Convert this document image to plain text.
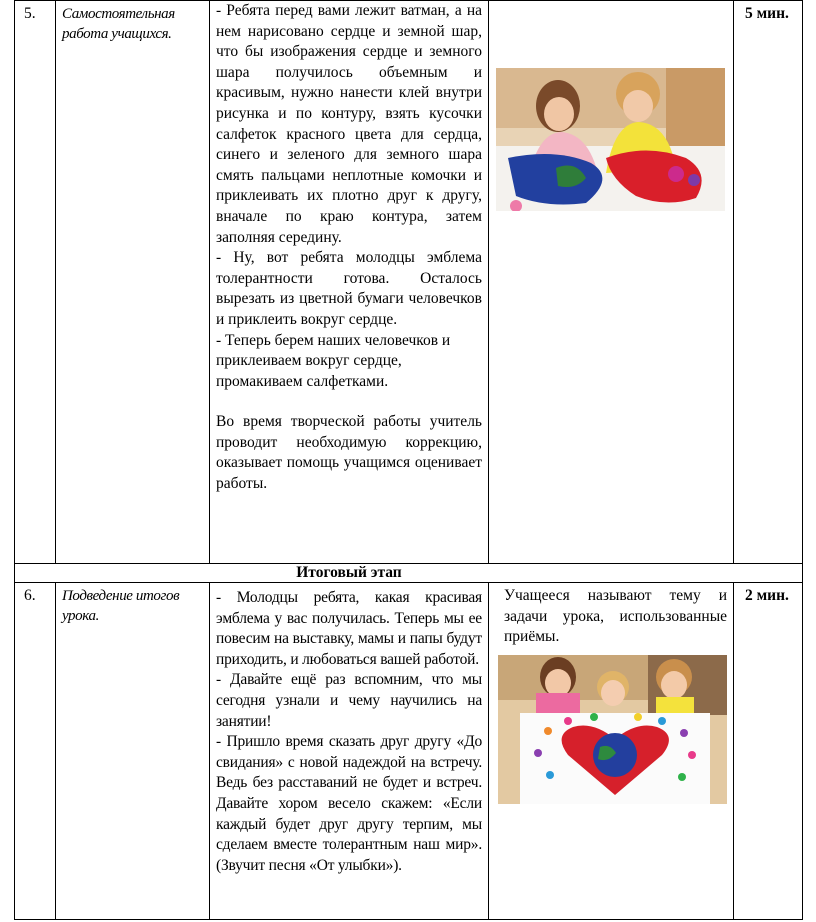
5. Самостоятельная работа учащихся.

- Ребята перед вами лежит ватман, а на нем нарисовано сердце и земной шар, что бы изображения сердце и земного шара получилось объемным и красивым, нужно нанести клей внутри рисунка и по контуру, взять кусочки салфеток красного цвета для сердца, синего и зеленого для земного шара смять пальцами неплотные комочки и приклеивать их плотно друг к другу, вначале по краю контура, затем заполняя середину.

- Ну, вот ребята молодцы эмблема толерантности готова. Осталось вырезать из цветной бумаги человечков и приклеить вокруг сердце.

- Теперь берем наших человечков и приклеиваем вокруг сердце, промакиваем салфетками.

Во время творческой работы учитель проводит необходимую коррекцию, оказывает помощь учащимся оценивает работы.

5 мин.
Итоговый этап
6. Подведение итогов урока.

- Молодцы ребята, какая красивая эмблема у вас получилась. Теперь мы ее повесим на выставку, мамы и папы будут приходить, и любоваться вашей работой.

- Давайте ещё раз вспомним, что мы сегодня узнали и чему научились на занятии!

- Пришло время сказать друг другу «До свидания» с новой надеждой на встречу. Ведь без расставаний не будет и встреч. Давайте хором весело скажем: «Если каждый будет друг другу терпим, мы сделаем вместе толерантным наш мир». (Звучит песня «От улыбки»).

Учащееся называют тему и задачи урока, использованные приёмы.
2 мин.
